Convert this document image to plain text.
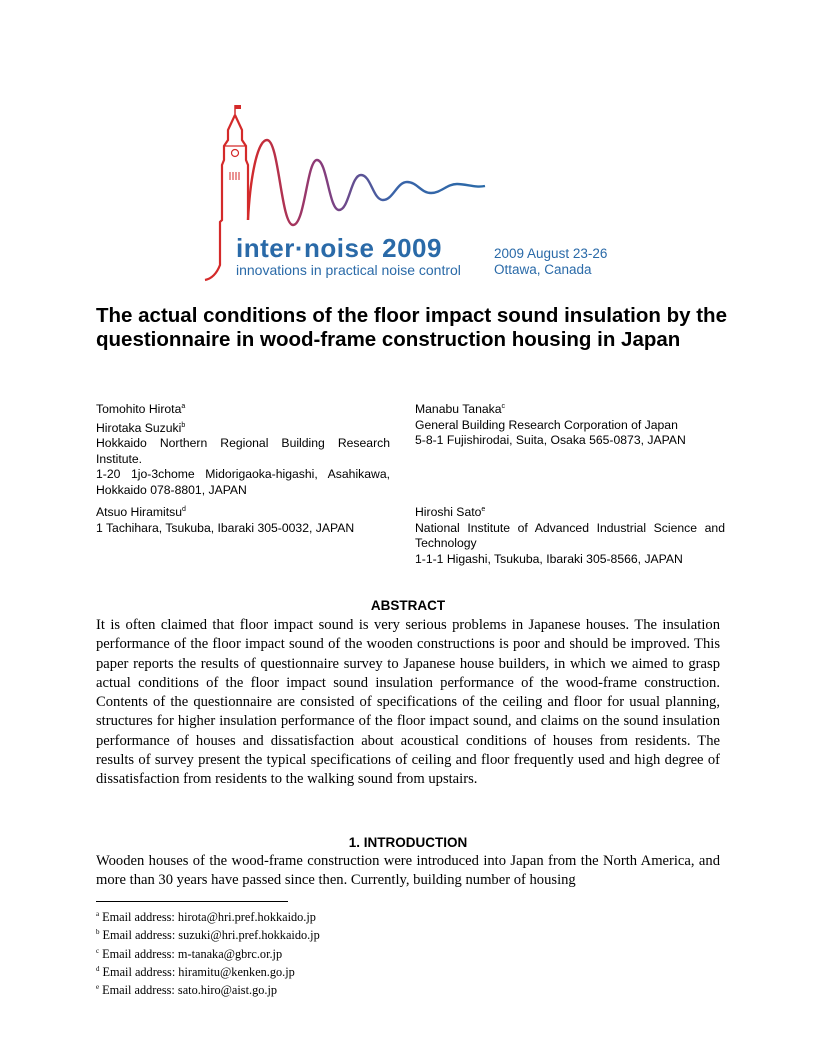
inter·noise 2009
innovations in practical noise control
2009 August 23-26
Ottawa, Canada
The actual conditions of the floor impact sound insulation by the questionnaire in wood-frame construction housing in Japan
Tomohito Hirota$^a$
Hirotaka Suzuki$^b$
Hokkaido Northern Regional Building Research
Institute.
1-20 1jo-3chome Midorigaoka-higashi, Asahikawa,
Hokkaido 078-8801, JAPAN
Manabu Tanaka$^c$
General Building Research Corporation of Japan
5-8-1 Fujishirodai, Suita, Osaka 565-0873, JAPAN
Atsuo Hiramitsu$^d$
1 Tachihara, Tsukuba, Ibaraki 305-0032, JAPAN
Hiroshi Sato$^e$
National Institute of Advanced Industrial Science and
Technology
1-1-1 Higashi, Tsukuba, Ibaraki 305-8566, JAPAN
ABSTRACT

It is often claimed that floor impact sound is very serious problems in Japanese houses. The insulation performance of the floor impact sound of the wooden constructions is poor and should be improved. This paper reports the results of questionnaire survey to Japanese house builders, in which we aimed to grasp actual conditions of the floor impact sound insulation performance of the wood-frame construction. Contents of the questionnaire are consisted of specifications of the ceiling and floor for usual planning, structures for higher insulation performance of the floor impact sound, and claims on the sound insulation performance of houses and dissatisfaction about acoustical conditions of houses from residents. The results of survey present the typical specifications of ceiling and floor frequently used and high degree of dissatisfaction from residents to the walking sound from upstairs.

1. INTRODUCTION

Wooden houses of the wood-frame construction were introduced into Japan from the North America, and more than 30 years have passed since then. Currently, building number of housing

$^a$ Email address: hirota@hri.pref.hokkaido.jp
$^b$ Email address: suzuki@hri.pref.hokkaido.jp
$^c$ Email address: m-tanaka@gbrc.or.jp
$^d$ Email address: hiramitu@kenken.go.jp
$^e$ Email address: sato.hiro@aist.go.jp
